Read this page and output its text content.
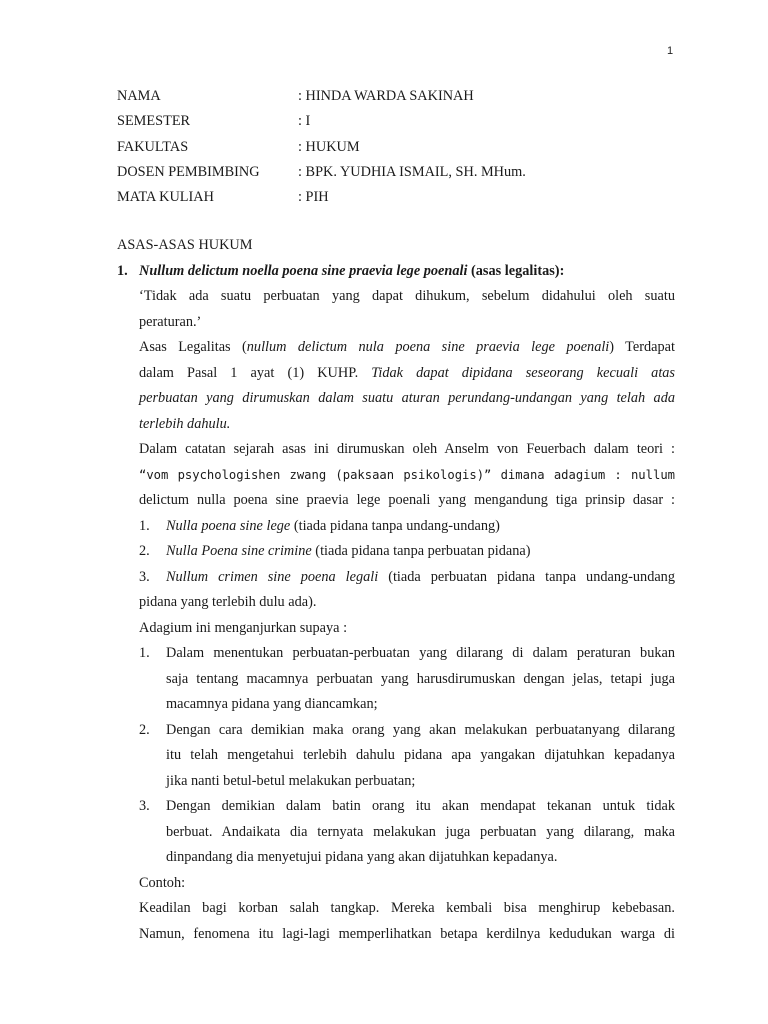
1
NAMA	: HINDA WARDA SAKINAH
SEMESTER	: I
FAKULTAS	: HUKUM
DOSEN PEMBIMBING	: BPK. YUDHIA ISMAIL, SH. MHum.
MATA KULIAH	: PIH
ASAS-ASAS HUKUM
1. Nullum delictum noella poena sine praevia lege poenali (asas legalitas):
‘Tidak ada suatu perbuatan yang dapat dihukum, sebelum didahului oleh suatu
peraturan.’
Asas Legalitas (nullum delictum nula poena sine praevia lege poenali) Terdapat
dalam Pasal 1 ayat (1) KUHP. Tidak dapat dipidana seseorang kecuali atas
perbuatan yang dirumuskan dalam suatu aturan perundang-undangan yang telah ada
terlebih dahulu.
Dalam catatan sejarah asas ini dirumuskan oleh Anselm von Feuerbach dalam teori :
“vom psychologishen zwang (paksaan psikologis)” dimana adagium : nullum
delictum nulla poena sine praevia lege poenali yang mengandung tiga prinsip dasar :
1.	Nulla poena sine lege (tiada pidana tanpa undang-undang)
2.	Nulla Poena sine crimine (tiada pidana tanpa perbuatan pidana)
3.	Nullum crimen sine poena legali (tiada perbuatan pidana tanpa undang-undang
pidana yang terlebih dulu ada).
Adagium ini menganjurkan supaya :
1.	Dalam menentukan perbuatan-perbuatan yang dilarang di dalam peraturan bukan
saja tentang macamnya perbuatan yang harusdirumuskan dengan jelas, tetapi juga
macamnya pidana yang diancamkan;
2.	Dengan cara demikian maka orang yang akan melakukan perbuatanyang dilarang
itu telah mengetahui terlebih dahulu pidana apa yangakan dijatuhkan kepadanya
jika nanti betul-betul melakukan perbuatan;
3.	Dengan demikian dalam batin orang itu akan mendapat tekanan untuk tidak
berbuat. Andaikata dia ternyata melakukan juga perbuatan yang dilarang, maka
dinpandang dia menyetujui pidana yang akan dijatuhkan kepadanya.
Contoh:
Keadilan bagi korban salah tangkap. Mereka kembali bisa menghirup kebebasan.
Namun, fenomena itu lagi-lagi memperlihatkan betapa kerdilnya kedudukan warga di
